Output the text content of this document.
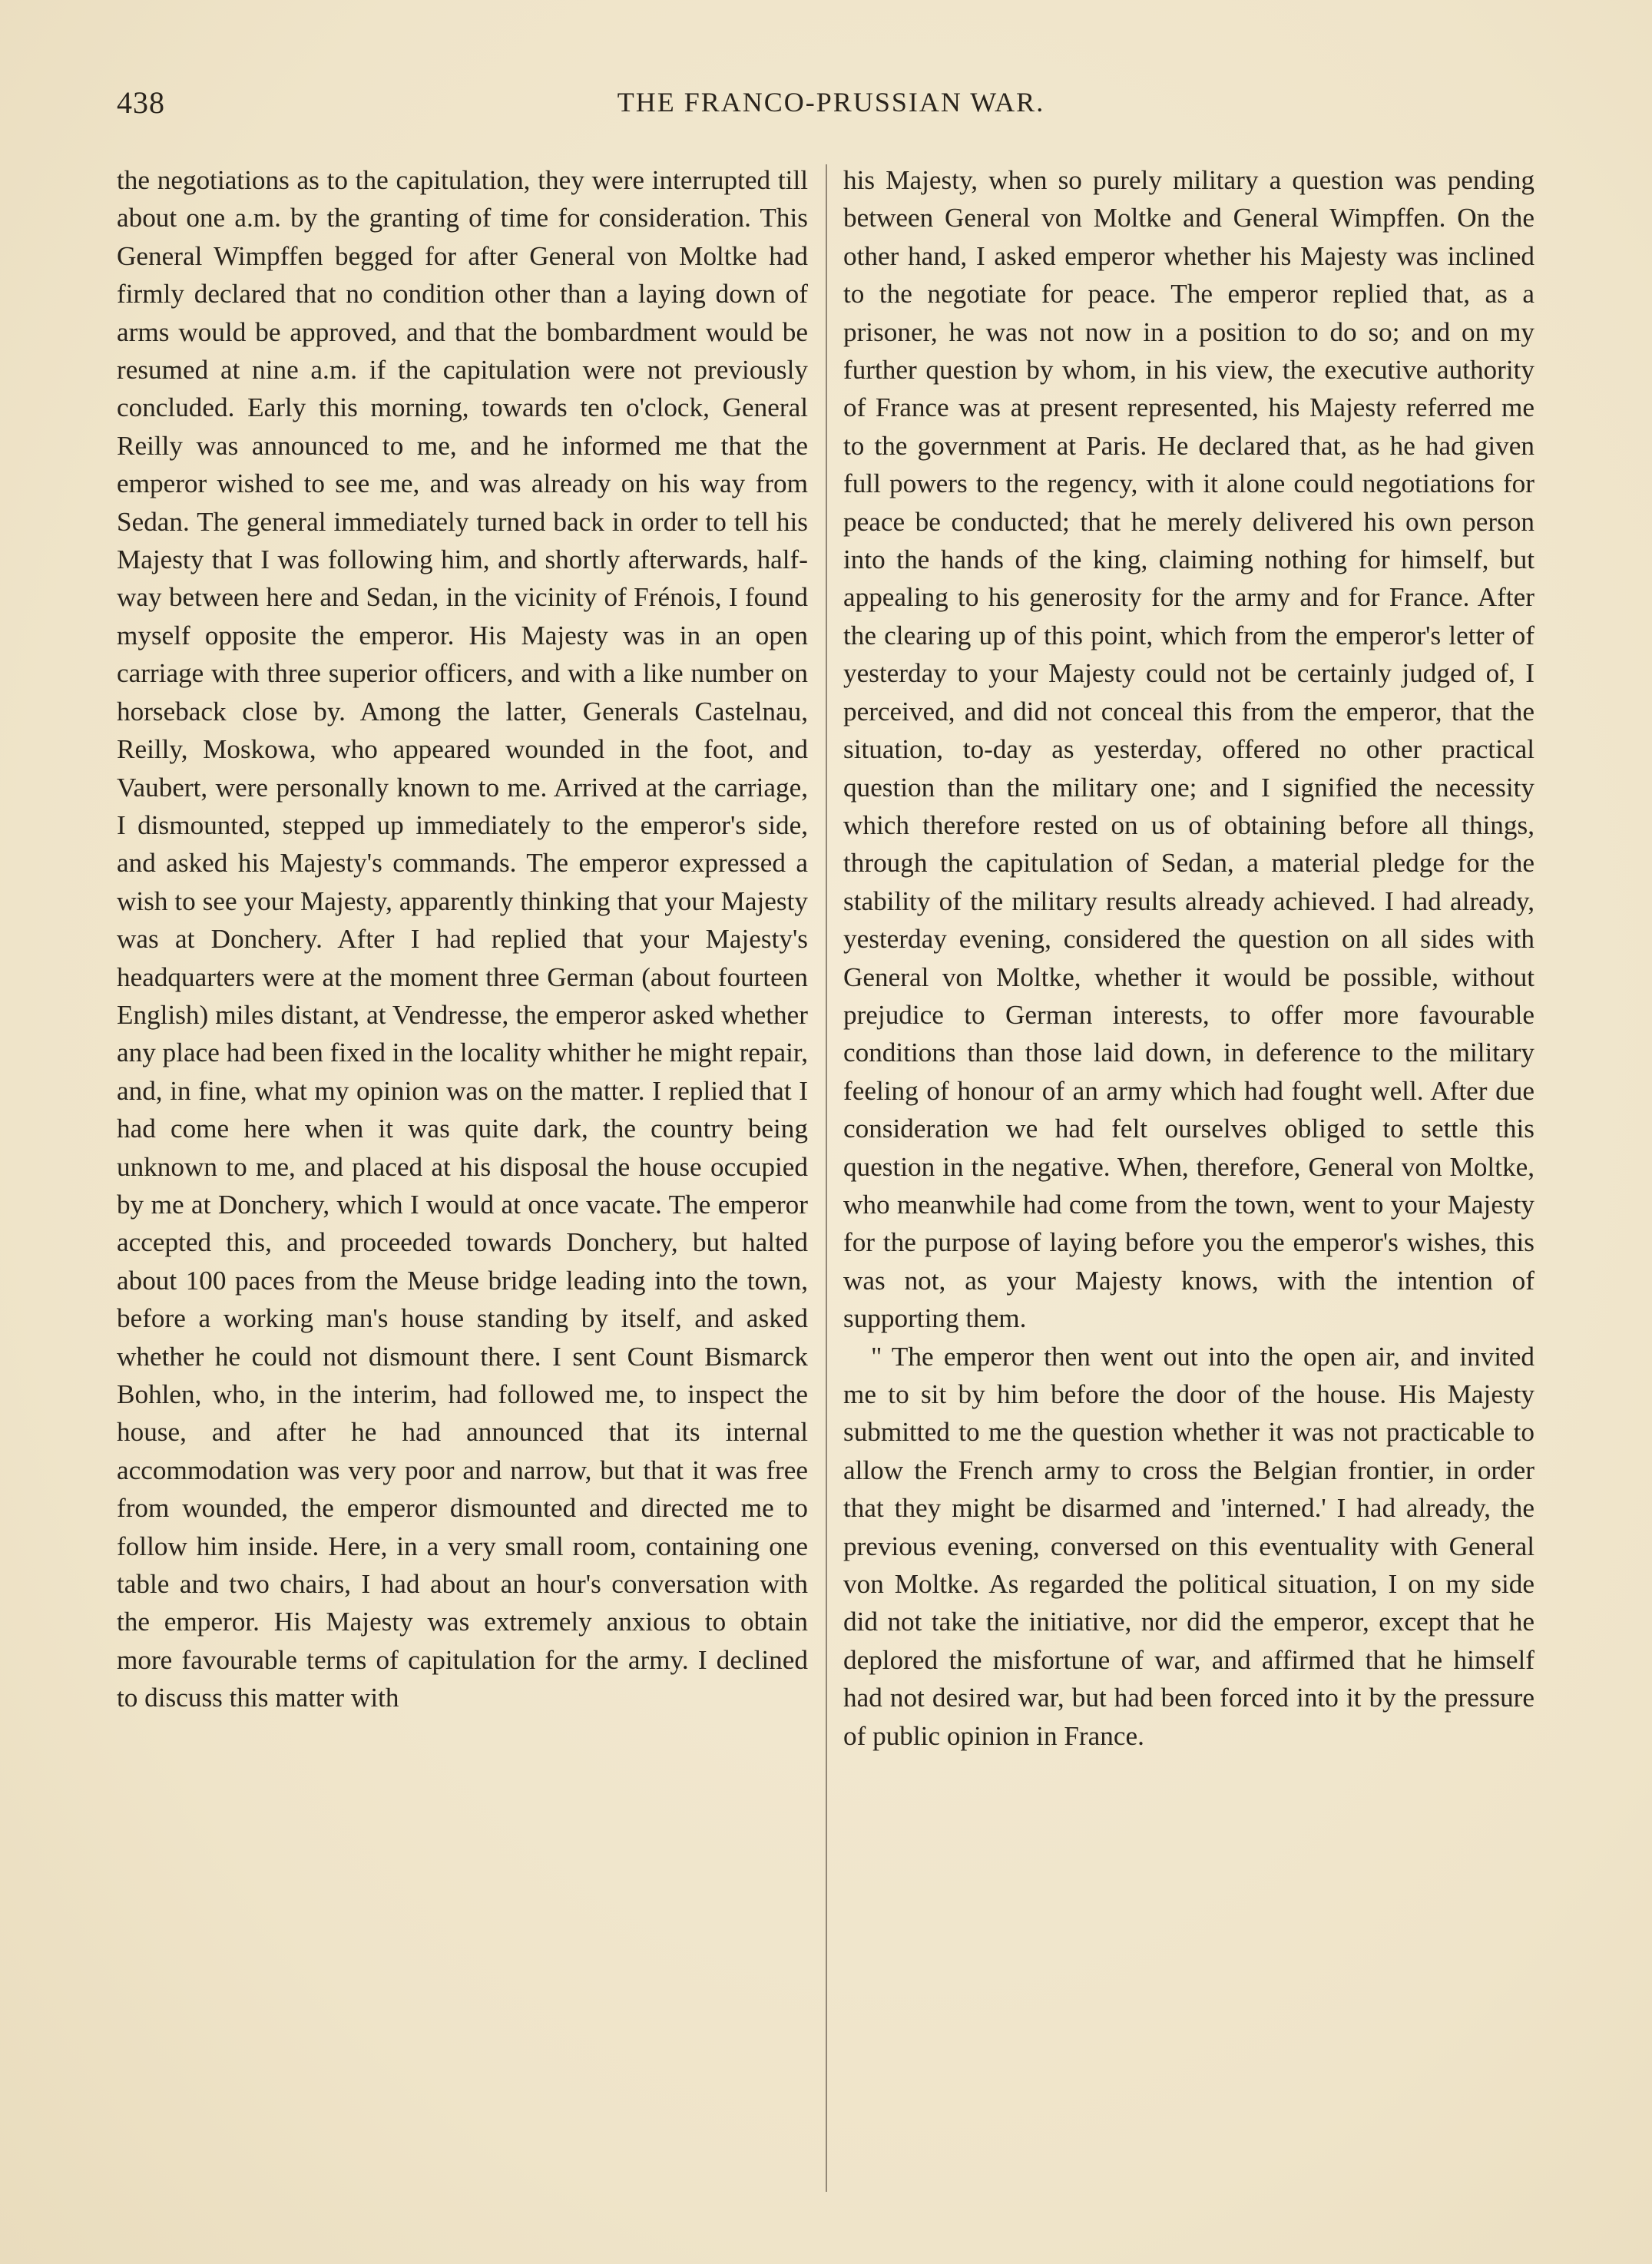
438	THE FRANCO-PRUSSIAN WAR.

the negotiations as to the capitulation, they were interrupted till about one a.m. by the granting of time for consideration. This General Wimpffen begged for after General von Moltke had firmly declared that no condition other than a laying down of arms would be approved, and that the bombardment would be resumed at nine a.m. if the capitulation were not previously concluded. Early this morning, towards ten o'clock, General Reilly was announced to me, and he informed me that the emperor wished to see me, and was already on his way from Sedan. The general immediately turned back in order to tell his Majesty that I was following him, and shortly afterwards, half-way between here and Sedan, in the vicinity of Frénois, I found myself opposite the emperor. His Majesty was in an open carriage with three superior officers, and with a like number on horseback close by. Among the latter, Generals Castelnau, Reilly, Moskowa, who appeared wounded in the foot, and Vaubert, were personally known to me. Arrived at the carriage, I dismounted, stepped up immediately to the emperor's side, and asked his Majesty's commands. The emperor expressed a wish to see your Majesty, apparently thinking that your Majesty was at Donchery. After I had replied that your Majesty's headquarters were at the moment three German (about fourteen English) miles distant, at Vendresse, the emperor asked whether any place had been fixed in the locality whither he might repair, and, in fine, what my opinion was on the matter. I replied that I had come here when it was quite dark, the country being unknown to me, and placed at his disposal the house occupied by me at Donchery, which I would at once vacate. The emperor accepted this, and proceeded towards Donchery, but halted about 100 paces from the Meuse bridge leading into the town, before a working man's house standing by itself, and asked whether he could not dismount there. I sent Count Bismarck Bohlen, who, in the interim, had followed me, to inspect the house, and after he had announced that its internal accommodation was very poor and narrow, but that it was free from wounded, the emperor dismounted and directed me to follow him inside. Here, in a very small room, containing one table and two chairs, I had about an hour's conversation with the emperor. His Majesty was extremely anxious to obtain more favourable terms of capitulation for the army. I declined to discuss this matter with

his Majesty, when so purely military a question was pending between General von Moltke and General Wimpffen. On the other hand, I asked emperor whether his Majesty was inclined to the negotiate for peace. The emperor replied that, as a prisoner, he was not now in a position to do so; and on my further question by whom, in his view, the executive authority of France was at present represented, his Majesty referred me to the government at Paris. He declared that, as he had given full powers to the regency, with it alone could negotiations for peace be conducted; that he merely delivered his own person into the hands of the king, claiming nothing for himself, but appealing to his generosity for the army and for France. After the clearing up of this point, which from the emperor's letter of yesterday to your Majesty could not be certainly judged of, I perceived, and did not conceal this from the emperor, that the situation, to-day as yesterday, offered no other practical question than the military one; and I signified the necessity which therefore rested on us of obtaining before all things, through the capitulation of Sedan, a material pledge for the stability of the military results already achieved. I had already, yesterday evening, considered the question on all sides with General von Moltke, whether it would be possible, without prejudice to German interests, to offer more favourable conditions than those laid down, in deference to the military feeling of honour of an army which had fought well. After due consideration we had felt ourselves obliged to settle this question in the negative. When, therefore, General von Moltke, who meanwhile had come from the town, went to your Majesty for the purpose of laying before you the emperor's wishes, this was not, as your Majesty knows, with the intention of supporting them.

" The emperor then went out into the open air, and invited me to sit by him before the door of the house. His Majesty submitted to me the question whether it was not practicable to allow the French army to cross the Belgian frontier, in order that they might be disarmed and 'interned.' I had already, the previous evening, conversed on this eventuality with General von Moltke. As regarded the political situation, I on my side did not take the initiative, nor did the emperor, except that he deplored the misfortune of war, and affirmed that he himself had not desired war, but had been forced into it by the pressure of public opinion in France.
